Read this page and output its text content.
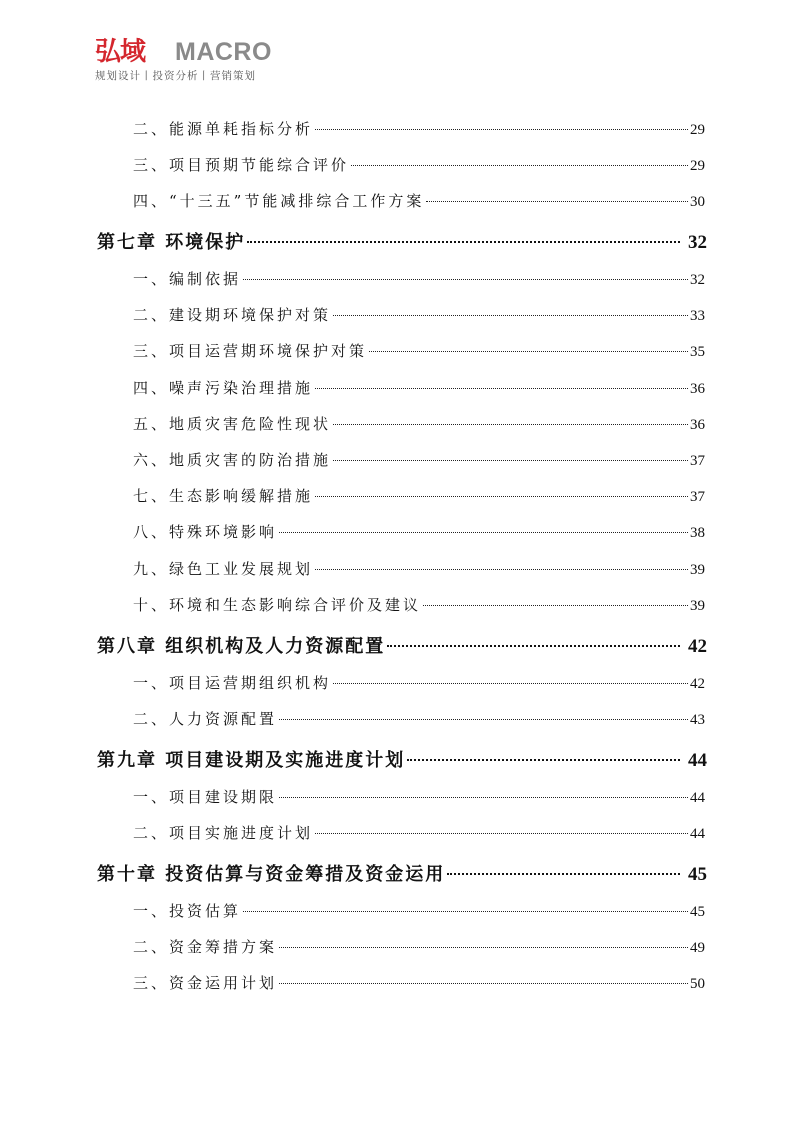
弘域 MACRO
规划设计丨投资分析丨营销策划
二、能源单耗指标分析	29
三、项目预期节能综合评价	29
四、“十三五”节能减排综合工作方案	30
第七章 环境保护	32
一、编制依据	32
二、建设期环境保护对策	33
三、项目运营期环境保护对策	35
四、噪声污染治理措施	36
五、地质灾害危险性现状	36
六、地质灾害的防治措施	37
七、生态影响缓解措施	37
八、特殊环境影响	38
九、绿色工业发展规划	39
十、环境和生态影响综合评价及建议	39
第八章 组织机构及人力资源配置	42
一、项目运营期组织机构	42
二、人力资源配置	43
第九章 项目建设期及实施进度计划	44
一、项目建设期限	44
二、项目实施进度计划	44
第十章 投资估算与资金筹措及资金运用	45
一、投资估算	45
二、资金筹措方案	49
三、资金运用计划	50
